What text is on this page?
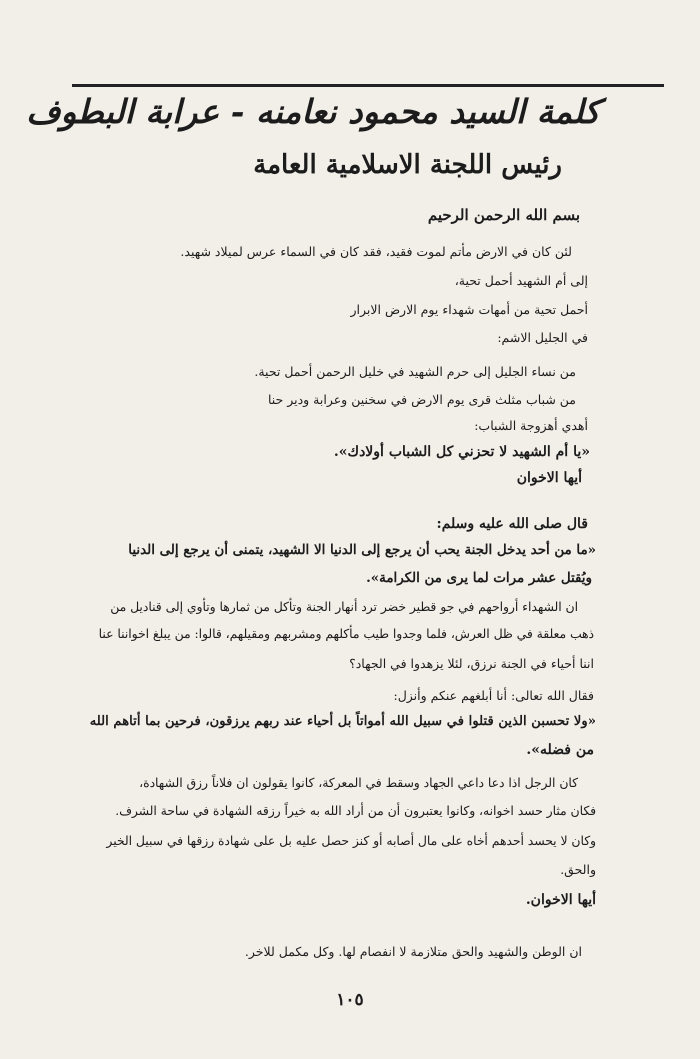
كلمة السيد محمود نعامنه - عرابة البطوف
رئيس اللجنة الاسلامية العامة
بسم الله الرحمن الرحيم
لئن كان في الارض مأتم لموت فقيد، فقد كان في السماء عرس لميلاد شهيد.
إلى أم الشهيد أحمل تحية،
أحمل تحية من أمهات شهداء يوم الارض الابرار
في الجليل الاشم:
من نساء الجليل إلى حرم الشهيد في خليل الرحمن أحمل تحية.
من شباب مثلث قرى يوم الارض في سخنين وعرابة ودير حنا
أهدي أهزوجة الشباب:
«يا أم الشهيد لا تحزني كل الشباب أولادك».
أيها الاخوان
قال صلى الله عليه وسلم:
«ما من أحد يدخل الجنة يحب أن يرجع إلى الدنيا الا الشهيد، يتمنى أن يرجع إلى الدنيا
ويُقتل عشر مرات لما يرى من الكرامة».
ان الشهداء أرواحهم في جو قطير خضر ترد أنهار الجنة وتأكل من ثمارها وتأوي إلى قناديل من
ذهب معلقة في ظل العرش، فلما وجدوا طيب مأكلهم ومشربهم ومقيلهم، قالوا: من يبلغ اخواننا عنا
اننا أحياء في الجنة نرزق، لئلا يزهدوا في الجهاد؟
فقال الله تعالى: أنا أبلغهم عنكم وأنزل:
«ولا تحسبن الذين قتلوا في سبيل الله أمواتاً بل أحياء عند ربهم يرزقون، فرحين بما أتاهم الله
من فضله».
كان الرجل اذا دعا داعي الجهاد وسقط في المعركة، كانوا يقولون ان فلاناً رزق الشهادة،
فكان مثار حسد اخوانه، وكانوا يعتبرون أن من أراد الله به خيراً رزقه الشهادة في ساحة الشرف.
وكان لا يحسد أحدهم أخاه على مال أصابه أو كنز حصل عليه بل على شهادة رزقها في سبيل الخير
والحق.
أيها الاخوان.
ان الوطن والشهيد والحق متلازمة لا انفصام لها. وكل مكمل للاخر.
١٠٥
